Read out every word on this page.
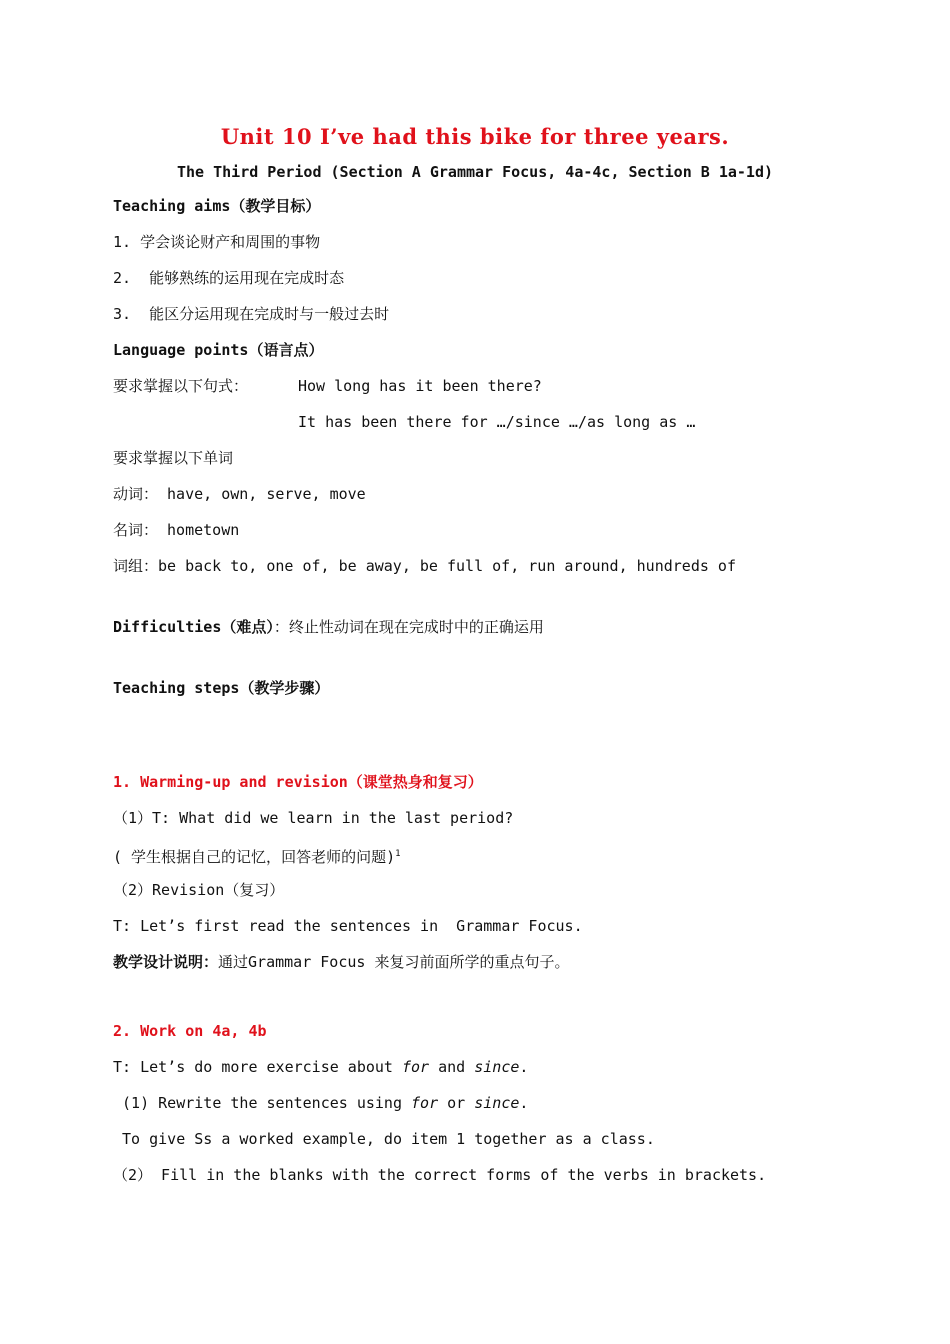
Unit 10 I’ve had this bike for three years.
The Third Period (Section A Grammar Focus, 4a-4c, Section B 1a-1d)
Teaching aims（教学目标）
1. 学会谈论财产和周围的事物
2.  能够熟练的运用现在完成时态
3.  能区分运用现在完成时与一般过去时
Language points（语言点）
要求掌握以下句式：	How long has it been there?
It has been there for …/since …/as long as …
要求掌握以下单词
动词： have, own, serve, move
名词： hometown
词组：be back to, one of, be away, be full of, run around, hundreds of
Difficulties（难点）：终止性动词在现在完成时中的正确运用
Teaching steps（教学步骤）
1. Warming-up and revision（课堂热身和复习）
（1）T: What did we learn in the last period?
( 学生根据自己的记忆，回答老师的问题)$^1$
（2）Revision（复习）
T: Let’s first read the sentences in  Grammar Focus.
教学设计说明：通过Grammar Focus 来复习前面所学的重点句子。
2. Work on 4a, 4b
T: Let’s do more exercise about for and since.
(1) Rewrite the sentences using for or since.
To give Ss a worked example, do item 1 together as a class.
（2） Fill in the blanks with the correct forms of the verbs in brackets.
